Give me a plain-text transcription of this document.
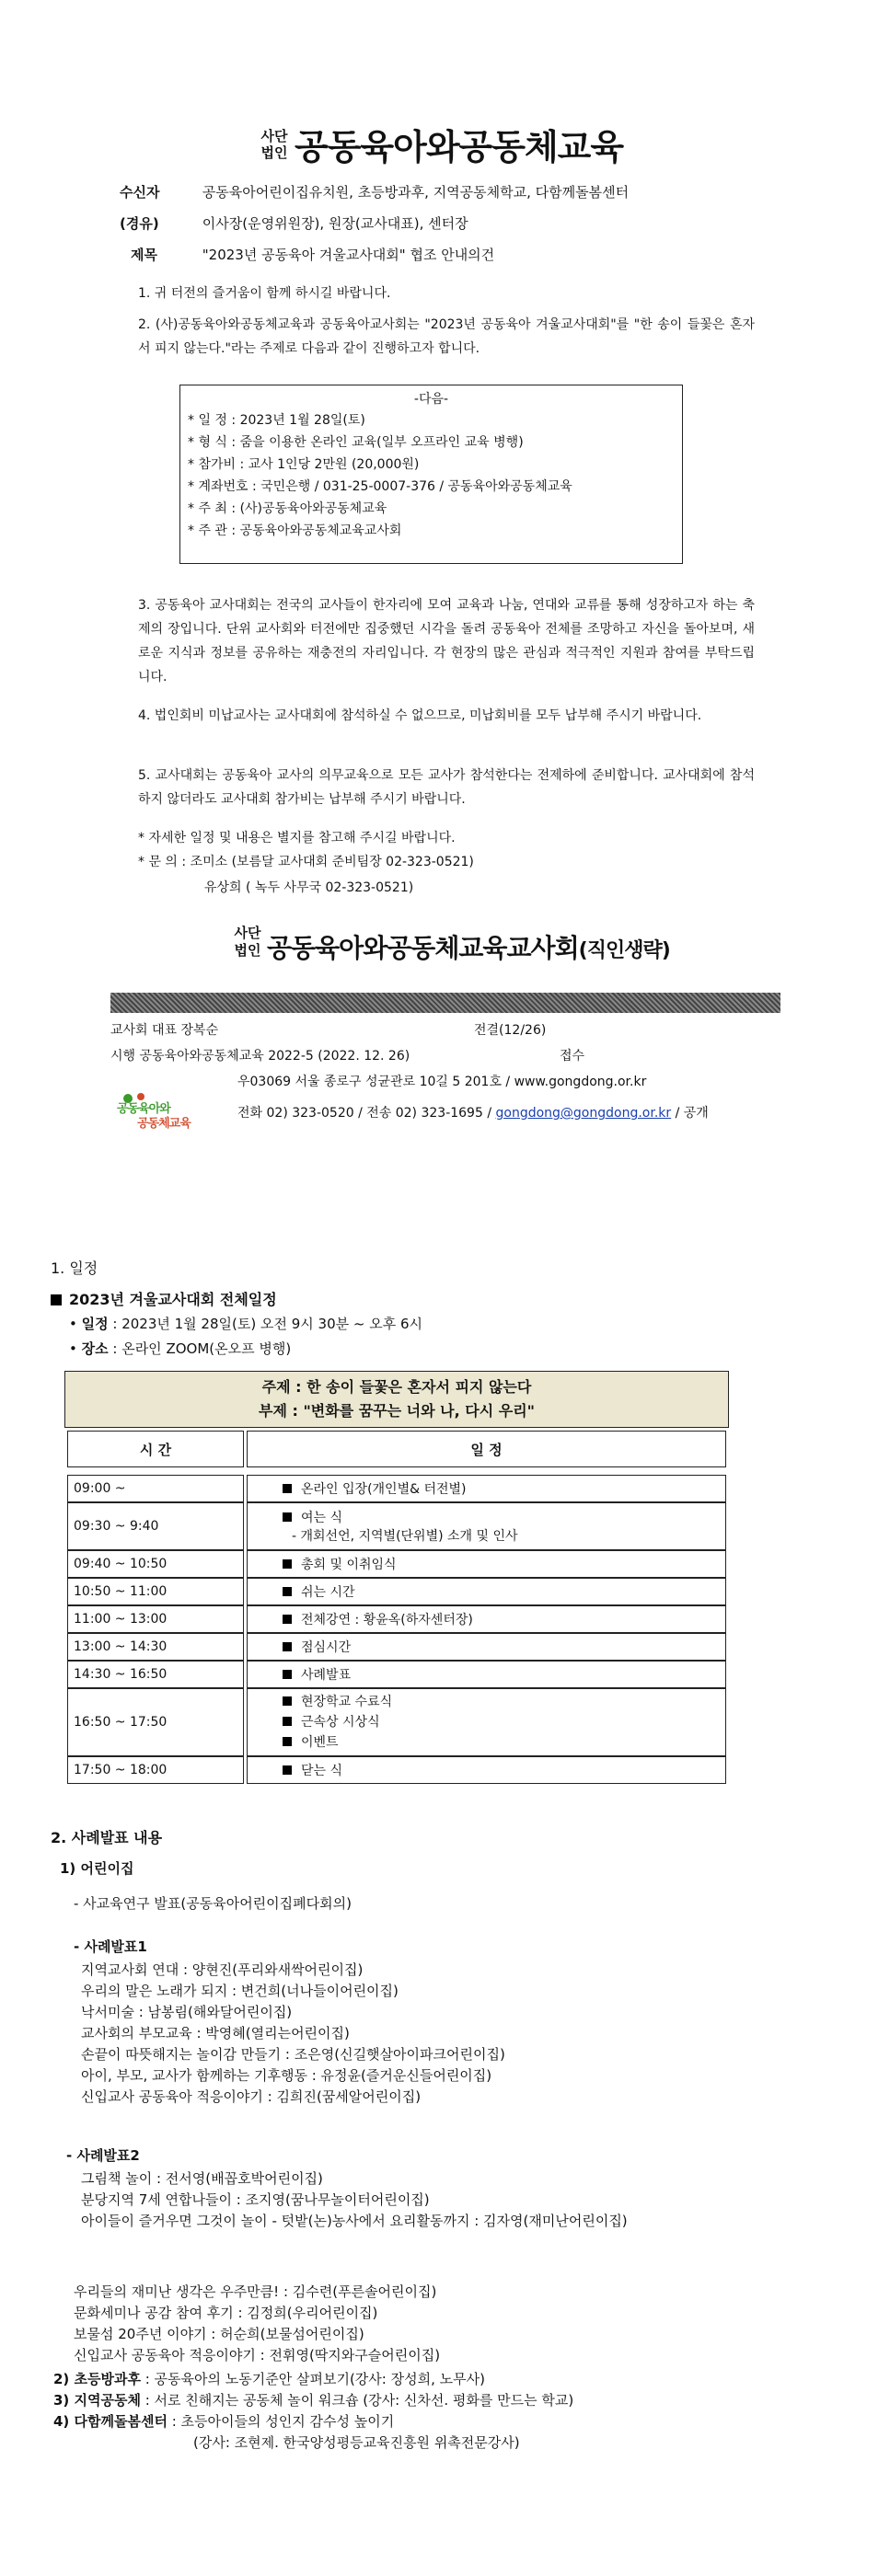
사단
법인 공동육아와공동체교육
수신자	공동육아어린이집유치원, 초등방과후, 지역공동체학교, 다함께돌봄센터
(경유)	이사장(운영위원장), 원장(교사대표), 센터장
제목	"2023년 공동육아 겨울교사대회" 협조 안내의건
1. 귀 터전의 즐거움이 함께 하시길 바랍니다.
2. (사)공동육아와공동체교육과 공동육아교사회는 "2023년 공동육아 겨울교사대회"를 "한 송이 들꽃은 혼자서 피지 않는다."라는 주제로 다음과 같이 진행하고자 합니다.
-다음-
* 일 정 : 2023년 1월 28일(토)
* 형 식 : 줌을 이용한 온라인 교육(일부 오프라인 교육 병행)
* 참가비 : 교사 1인당 2만원 (20,000원)
* 계좌번호 : 국민은행 / 031-25-0007-376 / 공동육아와공동체교육
* 주 최 : (사)공동육아와공동체교육
* 주 관 : 공동육아와공동체교육교사회
3. 공동육아 교사대회는 전국의 교사들이 한자리에 모여 교육과 나눔, 연대와 교류를 통해 성장하고자 하는 축제의 장입니다. 단위 교사회와 터전에만 집중했던 시각을 돌려 공동육아 전체를 조망하고 자신을 돌아보며, 새로운 지식과 정보를 공유하는 재충전의 자리입니다. 각 현장의 많은 관심과 적극적인 지원과 참여를 부탁드립니다.
4. 법인회비 미납교사는 교사대회에 참석하실 수 없으므로, 미납회비를 모두 납부해 주시기 바랍니다.
5. 교사대회는 공동육아 교사의 의무교육으로 모든 교사가 참석한다는 전제하에 준비합니다. 교사대회에 참석 하지 않더라도 교사대회 참가비는 납부해 주시기 바랍니다.
* 자세한 일정 및 내용은 별지를 참고해 주시길 바랍니다.
* 문 의 : 조미소 (보름달 교사대회 준비팀장 02-323-0521)
유상희 ( 녹두 사무국 02-323-0521)
사단
법인 공동육아와공동체교육교사회(직인생략)
교사회 대표 장복순	전결(12/26)
시행 공동육아와공동체교육 2022-5 (2022. 12. 26)	접수
공동육아와
공동체교육
우03069 서울 종로구 성균관로 10길 5 201호 / www.gongdong.or.kr
전화 02) 323-0520 / 전송 02) 323-1695 / gongdong@gongdong.or.kr / 공개
1. 일정
2023년 겨울교사대회 전체일정
• 일정 : 2023년 1월 28일(토) 오전 9시 30분 ~ 오후 6시
• 장소 : 온라인 ZOOM(온오프 병행)
주제 : 한 송이 들꽃은 혼자서 피지 않는다
부제 : "변화를 꿈꾸는 너와 나, 다시 우리"
시 간	일 정

09:00 ~	온라인 입장(개인별& 터전별)
09:30 ~ 9:40	여는 식
- 개회선언, 지역별(단위별) 소개 및 인사
09:40 ~ 10:50	총회 및 이취임식
10:50 ~ 11:00	쉬는 시간
11:00 ~ 13:00	전체강연 : 황윤옥(하자센터장)
13:00 ~ 14:30	점심시간
14:30 ~ 16:50	사례발표
16:50 ~ 17:50	현장학교 수료식
근속상 시상식
이벤트
17:50 ~ 18:00	닫는 식
2. 사례발표 내용
1) 어린이집
- 사교육연구 발표(공동육아어린이집폐다회의)
- 사례발표1
지역교사회 연대 : 양현진(푸리와새싹어린이집)
우리의 말은 노래가 되지 : 변건희(너나들이어린이집)
낙서미술 : 남봉림(해와달어린이집)
교사회의 부모교육 : 박영혜(열리는어린이집)
손끝이 따뜻해지는 놀이감 만들기 : 조은영(신길햇살아이파크어린이집)
아이, 부모, 교사가 함께하는 기후행동 : 유정윤(즐거운신들어린이집)
신입교사 공동육아 적응이야기 : 김희진(꿈세알어린이집)
- 사례발표2
그림책 놀이 : 전서영(배꼽호박어린이집)
분당지역 7세 연합나들이 : 조지영(꿈나무놀이터어린이집)
아이들이 즐거우면 그것이 놀이 - 텃밭(논)농사에서 요리활동까지 : 김자영(재미난어린이집)
우리들의 재미난 생각은 우주만큼! : 김수련(푸른솔어린이집)
문화세미나 공감 참여 후기 : 김정희(우리어린이집)
보물섬 20주년 이야기 : 허순희(보물섬어린이집)
신입교사 공동육아 적응이야기 : 전휘영(딱지와구슬어린이집)
2) 초등방과후 : 공동육아의 노동기준안 살펴보기(강사: 장성희, 노무사)
3) 지역공동체 : 서로 친해지는 공동체 놀이 워크숍 (강사: 신차선. 평화를 만드는 학교)
4) 다함께돌봄센터 : 초등아이들의 성인지 감수성 높이기
(강사: 조현제. 한국양성평등교육진흥원 위촉전문강사)
